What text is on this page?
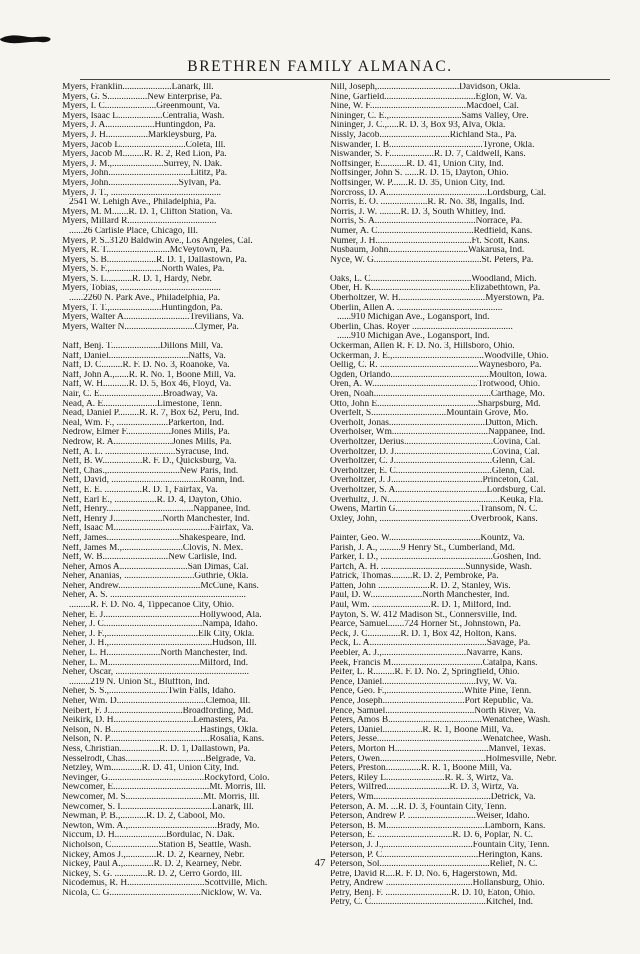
BRETHREN FAMILY ALMANAC.
Myers, Franklin.....................Lanark, Ill.
Myers, G. S.................New Enterprise, Pa.
Myers, I. C......................Greenmount, Va.
Myers, Isaac L...................Centralia, Wash.
Myers, J. A.....................Huntingdon, Pa.
Myers, J. H..................Markleysburg, Pa.
Myers, Jacob L............................Coleta, Ill.
Myers, Jacob M.........R. R. 2, Red Lion, Pa.
Myers, J. M.,......................Surrey, N. Dak.
Myers, John...................................Lititz, Pa.
Myers, John..............................Sylvan, Pa.
Myers, J. T., ...............................................
2541 W. Lehigh Ave., Philadelphia, Pa.
Myers, M. M.......R. D. 1, Clifton Station, Va.
Myers, Millard R......................................
......26 Carlisle Place, Chicago, Ill.
Myers, P. S..3120 Baldwin Ave., Los Angeles, Cal.
Myers, R. T...........................McVeytown, Pa.
Myers, S. B.....................R. D. 1, Dallastown, Pa.
Myers, S. F.,......................North Wales, Pa.
Myers, S. L...........R. D. 1, Hardy, Nebr.
Myers, Tobias, ...........................................
......2260 N. Park Ave., Philadelphia, Pa.
Myers, T. T.,......................Huntingdon, Pa.
Myers, Walter A............................Trevilians, Va.
Myers, Walter N..............................Clymer, Pa.
Naff, Benj. T.....................Dillons Mill, Va.
Naff, Daniel..................................Naffs, Va.
Naff, D. C.........R. F. D. No. 3, Roanoke, Va.
Naff, John A.,......R. R. No. 1, Boone Mill, Va.
Naff, W. H...........R. D. 5, Box 46, Floyd, Va.
Nair, C. E...........................Broadway, Va.
Nead, A. E.......................Limestone, Tenn.
Nead, Daniel P.........R. R. 7, Box 62, Peru, Ind.
Neal, Wm. F., ......................Parkerton, Ind.
Nedrow, Elmer F...................Jones Mills, Pa.
Nedrow, R. A.........................Jones Mills, Pa.
Neff, A. L. ..............................Syracuse, Ind.
Neff, B. W.................R. F. D., Quicksburg, Va.
Neff, Chas.,...............................New Paris, Ind.
Neff, David, ......................................Roann, Ind.
Neff, E. E. ................R. D. 1, Fairfax, Va.
Neff, Earl E., ..................R. D. 4, Dayton, Ohio.
Neff, Henry.....................................Nappanee, Ind.
Neff, Henry J.....................North Manchester, Ind.
Neff, Isaac M.........................................Fairfax, Va.
Neff, James...............................Shakespeare, Ind.
Neff, James M.,..........................Clovis, N. Mex.
Neff, W. B............................New Carlisle, Ind.
Neher, Amos A.............................San Dimas, Cal.
Neher, Ananias, ..............................Guthrie, Okla.
Neher, Andrew...................................McCune, Kans.
Neher, A. S. ..........................................................
.........R. F. D. No. 4, Tippecanoe City, Ohio.
Neher, E. J.........................................Hollywood, Ala.
Neher, J. C..........................................Nampa, Idaho.
Neher, J. F.,.......................................Elk City, Okla.
Neher, J. H.,............................................Hudson, Ill.
Neher, L. H.......................North Manchester, Ind.
Neher, L. M.......................................Milford, Ind.
Neher, Oscar, .........................................................
.........219 N. Union St., Bluffton, Ind.
Neher, S. S.,.........................Twin Falls, Idaho.
Neher, Wm. D......................................Clemoa, Ill.
Neibert, F. J................................Broadfording, Md.
Neikirk, D. H..................................Lemasters, Pa.
Nelson, N. B......................................Hastings, Okla.
Nelson, N. P...........................................Rosalia, Kans.
Ness, Christian.................R. D. 1, Dallastown, Pa.
Nesselrodt, Chas..................................Belgrade, Va.
Netzley, Wm.............R. D. 41, Union City, Ind.
Nevinger, G.........................................Rockyford, Colo.
Newcomer, E.........................................Mt. Morris, Ill.
Newcomer, M. S.................................Mt. Morris, Ill.
Newcomer, S. I.......................................Lanark, Ill.
Newman, P. B.,...........R. D. 2, Cabool, Mo.
Newton, Wm. A.,......................................Brady, Mo.
Niccum, D. H......................Bordulac, N. Dak.
Nicholson, C....................Station B, Seattle, Wash.
Nickey, Amos J.,.............R. D. 2, Kearney, Nebr.
Nickey, Paul A.,.............R. D. 2, Kearney, Nebr.
Nickey, S. G. ..............R. D. 2, Cerro Gordo, Ill.
Nicodemus, R. H.................................Scottville, Mich.
Nicola, C. G.......................................Nicklow, W. Va.
Nill, Joseph,...................................Davidson, Okla.
Nine, Garfield.......................................Eglon, W. Va.
Nine, W. F.........................................Macdoel, Cal.
Nininger, C. E.,...............................Sams Valley, Ore.
Nininger, J. C.,.....R. D. 3, Box 93, Alva, Okla.
Nissly, Jacob..............................Richland Sta., Pa.
Niswander, I. B........................................Tyrone, Okla.
Niswander, S. F...................R. D. 7, Caldwell, Kans.
Noffsinger, E...........R. D. 41, Union City, Ind.
Noffsinger, John S. ......R. D. 15, Dayton, Ohio.
Noffsinger, W. P.......R. D. 35, Union City, Ind.
Norcross, D. A...........................................Lordsburg, Cal.
Norris, E. O. ....................R. R. No. 38, Ingalls, Ind.
Norris, J. W. .........R. D. 3, South Whitley, Ind.
Norris, S. A...........................................Norrace, Pa.
Numer, A. C.........................................Redfield, Kans.
Numer, J. H.........................................Ft. Scott, Kans.
Nusbaum, John..................................Wakarusa, Ind.
Nyce, W. G..............................................St. Peters, Pa.
Oaks, L. C...........................................Woodland, Mich.
Ober, H. K..........................................Elizabethtown, Pa.
Oberholtzer, W. H.....................................Myerstown, Pa.
Oberlin, Allen A. .............................................
......910 Michigan Ave., Logansport, Ind.
Oberlin, Chas. Royer ...........................................
......910 Michigan Ave., Logansport, Ind.
Ockerman, Allen R. F. D. No. 3, Hillsboro, Ohio.
Ockerman, J. E.,.......................................Woodville, Ohio.
Oellig, C. R. ..........................................Waynesboro, Pa.
Ogden, Orlando..........................................Moulton, Iowa.
Oren, A. W.............................................Trotwood, Ohio.
Oren, Noah..................................................Carthage, Mo.
Otto, John E...........................................Sharpsburg, Md.
Overfelt, S................................Mountain Grove, Mo.
Overholt, Jonas.........................................Dutton, Mich.
Overholser, Wm.........................................Nappanee, Ind.
Overholtzer, Derius......................................Covina, Cal.
Overholtzer, D. J..........................................Covina, Cal.
Overholtzer, C. J..........................................Glenn, Cal.
Overholtzer, E. C.........................................Glenn, Cal.
Overholtzer, J. J.......................................Princeton, Cal.
Overholtzer, S. A.......................................Lordsburg, Cal.
Overhultz, J. N................................................Keuka, Fla.
Owens, Martin G....................................Transom, N. C.
Oxley, John, .......................................Overbrook, Kans.
Painter, Geo. W.......................................Kountz, Va.
Parish, J. A., .........9 Henry St., Cumberland, Md.
Parker, I. D., ................................................Goshen, Ind.
Partch, A. H. ....................................Sunnyside, Wash.
Patrick, Thomas.........R. D. 2, Pembroke, Pa.
Patten, John ......................R. D. 2, Stanley, Wis.
Paul, D. W......................North Manchester, Ind.
Paul, Wm. .........................R. D. 1, Milford, Ind.
Payton, S. W. 412 Madison St., Connersville, Ind.
Pearce, Samuel.......724 Horner St., Johnstown, Pa.
Peck, J. C..............R. D. 1, Box 42, Holton, Kans.
Peck, L. A..................................................Savage, Pa.
Peebler, A. J.,....................................Navarre, Kans.
Peek, Francis M.......................................Catalpa, Kans.
Peifer, L. R.........R. F. D. No. 2, Springfield, Ohio.
Pence, Daniel........................................Ivy, W. Va.
Pence, Geo. F.,.................................White Pine, Tenn.
Pence, Joseph...................................Port Republic, Va.
Pence, Samuel......................................North River, Va.
Peters, Amos B........................................Wenatchee, Wash.
Peters, Daniel.................R. R. 1, Boone Mill, Va.
Peters, Jesse.............................................Wenatchee, Wash.
Peters, Morton H........................................Manvel, Texas.
Peters, Owen.............................................Holmesville, Nebr.
Peters, Preston...............R. R. 1, Boone Mill, Va.
Peters, Riley L.........................R. R. 3, Wirtz, Va.
Peters, Wilfred...........................R. D. 3, Wirtz, Va.
Peters, Wm..................................................Detrick, Va.
Peterson, A. M. ...R. D. 3, Fountain City, Tenn.
Peterson, Andrew P. .............................Weiser, Idaho.
Peterson, B. M..........................................Lamborn, Kans.
Peterson, E. ................................R. D. 6, Poplar, N. C.
Peterson, J. J.,......................................Fountain City, Tenn.
Peterson, P. C.........................................Herington, Kans.
Peterson, Sol...............................................Relief, N. C.
Petre, David R....R. F. D. No. 6, Hagerstown, Md.
Petry, Andrew .....................................Hollansburg, Ohio.
Petry, Benj. F. ............................R. D. 10, Eaton, Ohio.
Petry, C. C.................................................Kitchel, Ind.
47
